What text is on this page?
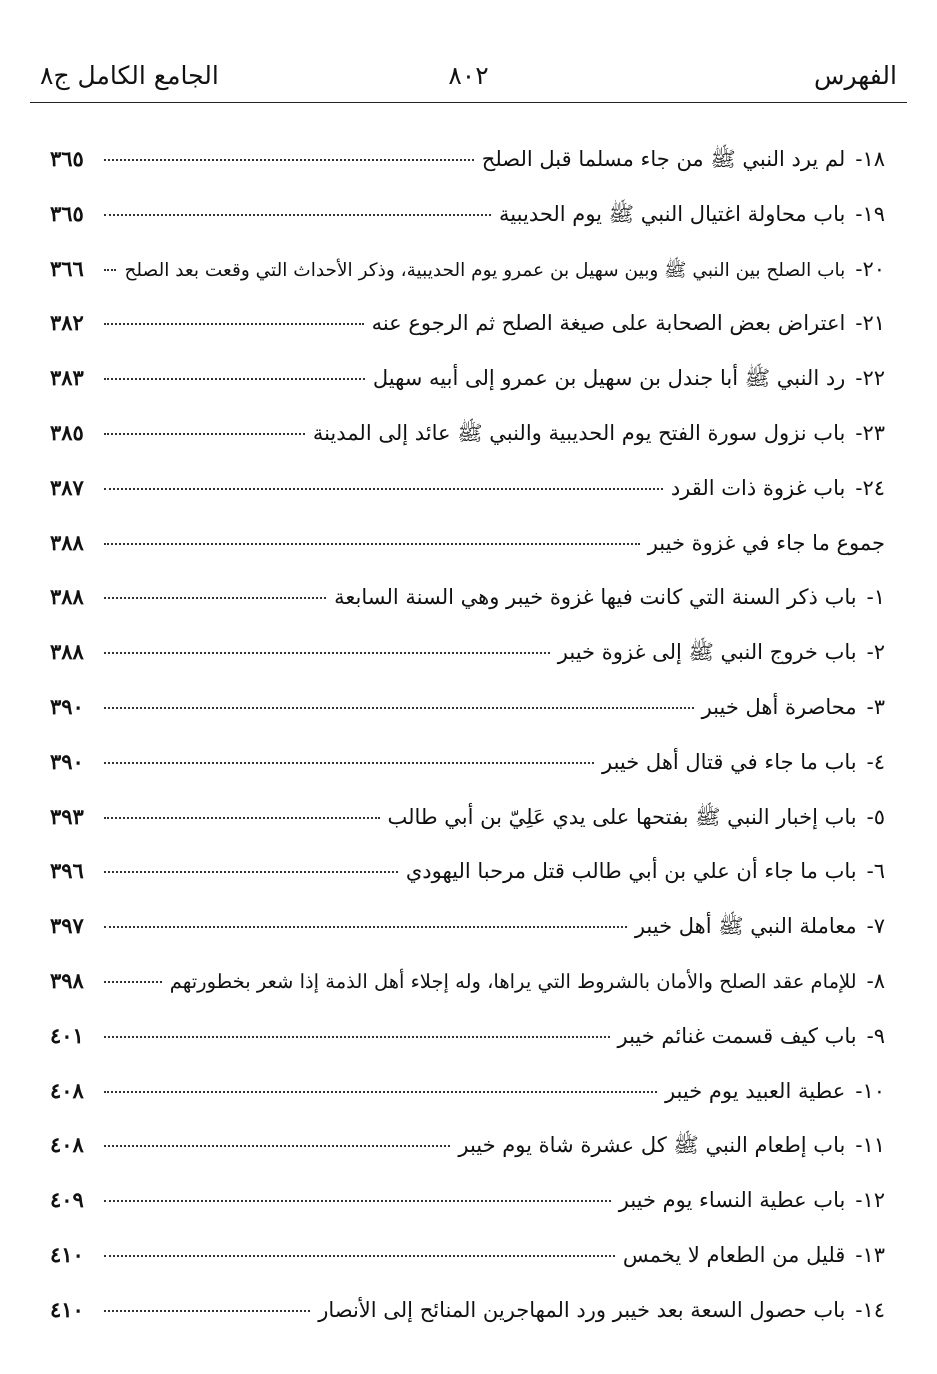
الفهرس
٨٠٢
الجامع الكامل ج٨
١٨-
لم يرد النبي ﷺ من جاء مسلما قبل الصلح
٣٦٥
١٩-
باب محاولة اغتيال النبي ﷺ يوم الحديبية
٣٦٥
٢٠-
باب الصلح بين النبي ﷺ وبين سهيل بن عمرو يوم الحديبية، وذكر الأحداث التي وقعت بعد الصلح
٣٦٦
٢١-
اعتراض بعض الصحابة على صيغة الصلح ثم الرجوع عنه
٣٨٢
٢٢-
رد النبي ﷺ أبا جندل بن سهيل بن عمرو إلى أبيه سهيل
٣٨٣
٢٣-
باب نزول سورة الفتح يوم الحديبية والنبي ﷺ عائد إلى المدينة
٣٨٥
٢٤-
باب غزوة ذات القرد
٣٨٧
جموع ما جاء في غزوة خيبر
٣٨٨
١-
باب ذكر السنة التي كانت فيها غزوة خيبر وهي السنة السابعة
٣٨٨
٢-
باب خروج النبي ﷺ إلى غزوة خيبر
٣٨٨
٣-
محاصرة أهل خيبر
٣٩٠
٤-
باب ما جاء في قتال أهل خيبر
٣٩٠
٥-
باب إخبار النبي ﷺ بفتحها على يدي عَلِيّ بن أبي طالب
٣٩٣
٦-
باب ما جاء أن علي بن أبي طالب قتل مرحبا اليهودي
٣٩٦
٧-
معاملة النبي ﷺ أهل خيبر
٣٩٧
٨-
للإمام عقد الصلح والأمان بالشروط التي يراها، وله إجلاء أهل الذمة إذا شعر بخطورتهم
٣٩٨
٩-
باب كيف قسمت غنائم خيبر
٤٠١
١٠-
عطية العبيد يوم خيبر
٤٠٨
١١-
باب إطعام النبي ﷺ كل عشرة شاة يوم خيبر
٤٠٨
١٢-
باب عطية النساء يوم خيبر
٤٠٩
١٣-
قليل من الطعام لا يخمس
٤١٠
١٤-
باب حصول السعة بعد خيبر ورد المهاجرين المنائح إلى الأنصار
٤١٠
